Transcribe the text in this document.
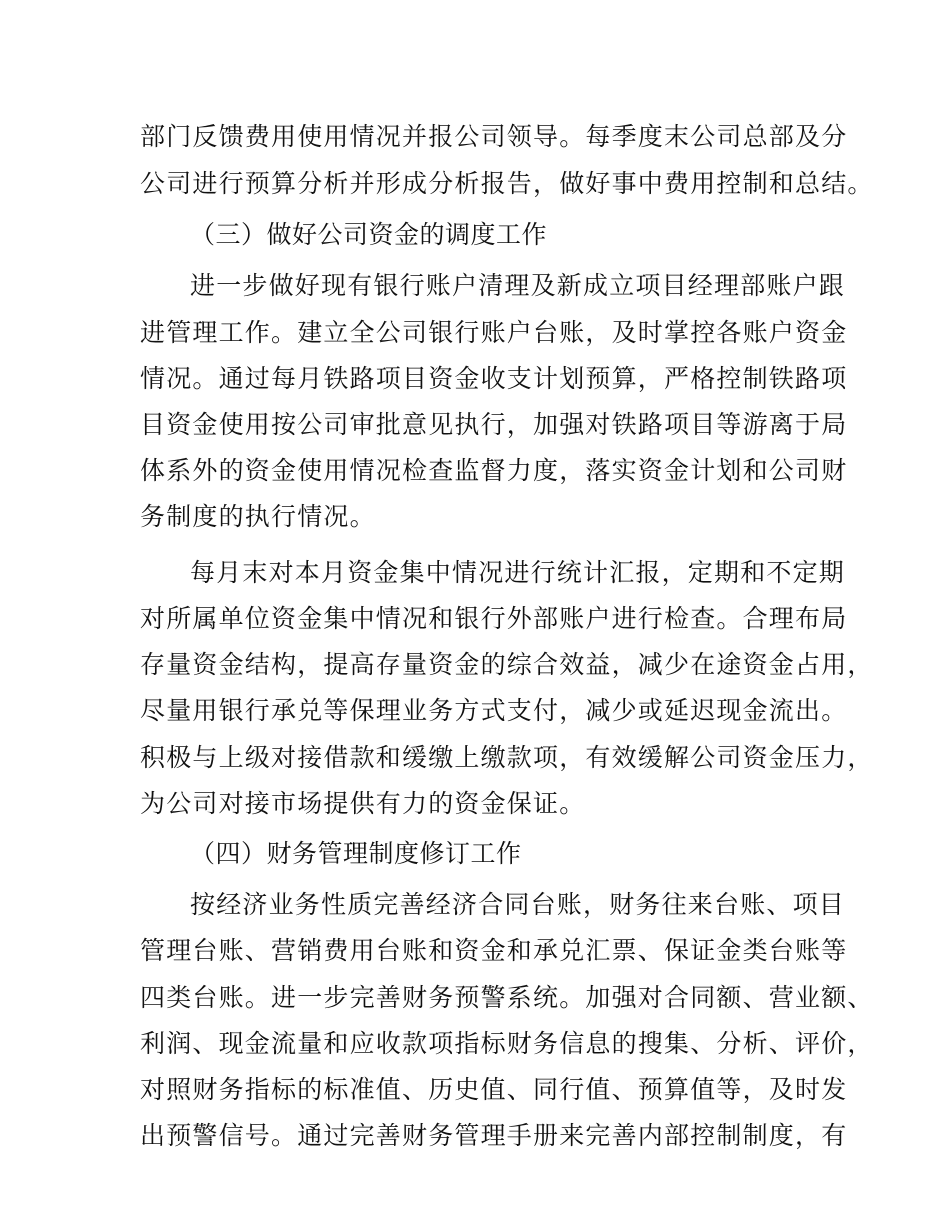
部门反馈费用使用情况并报公司领导。每季度末公司总部及分
公司进行预算分析并形成分析报告，做好事中费用控制和总结。
（三）做好公司资金的调度工作
进一步做好现有银行账户清理及新成立项目经理部账户跟
进管理工作。建立全公司银行账户台账，及时掌控各账户资金
情况。通过每月铁路项目资金收支计划预算，严格控制铁路项
目资金使用按公司审批意见执行，加强对铁路项目等游离于局
体系外的资金使用情况检查监督力度，落实资金计划和公司财
务制度的执行情况。
每月末对本月资金集中情况进行统计汇报，定期和不定期
对所属单位资金集中情况和银行外部账户进行检查。合理布局
存量资金结构，提高存量资金的综合效益，减少在途资金占用，
尽量用银行承兑等保理业务方式支付，减少或延迟现金流出。
积极与上级对接借款和缓缴上缴款项，有效缓解公司资金压力，
为公司对接市场提供有力的资金保证。
（四）财务管理制度修订工作
按经济业务性质完善经济合同台账，财务往来台账、项目
管理台账、营销费用台账和资金和承兑汇票、保证金类台账等
四类台账。进一步完善财务预警系统。加强对合同额、营业额、
利润、现金流量和应收款项指标财务信息的搜集、分析、评价，
对照财务指标的标准值、历史值、同行值、预算值等，及时发
出预警信号。通过完善财务管理手册来完善内部控制制度，有
